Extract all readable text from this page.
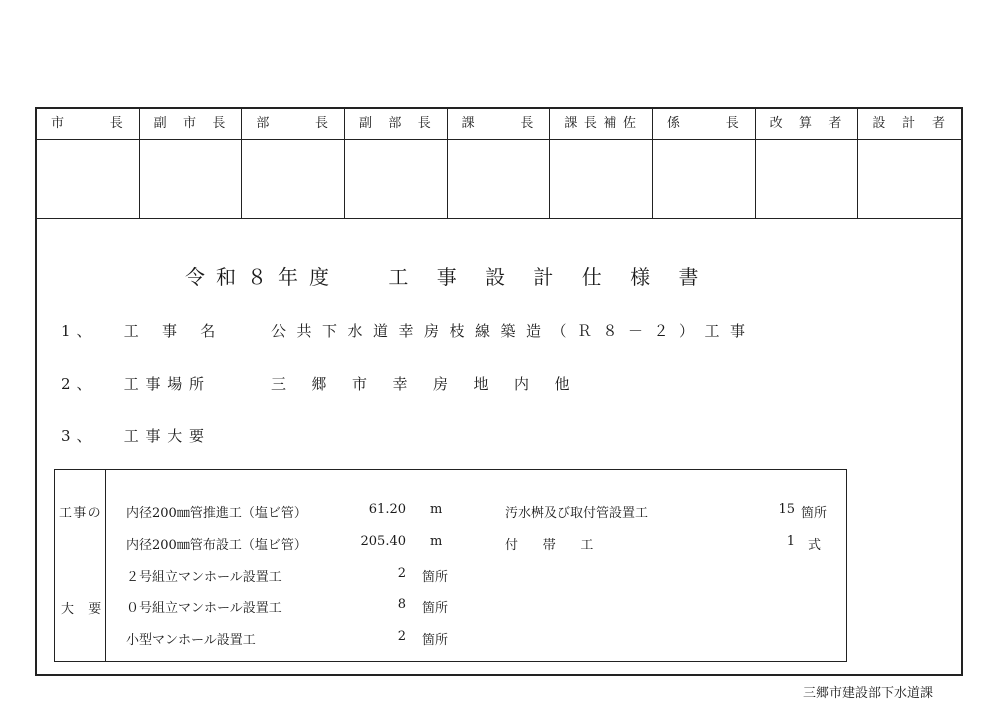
市	長 副 市 長 部	長 副 部 長 課	長 課 長 補 佐 係	長 改 算 者 設 計 者
令和８年度　 工 事 設 計 仕 様 書
1、 工事名 公共下水道幸房枝線築造（Ｒ８－２）工事
2、 工事場所	三郷市幸房地内他
3、 工事大要
工事の
大要
内径200㎜管推進工（塩ビ管）	61.20 m
内径200㎜管布設工（塩ビ管）	205.40 m
２号組立マンホール設置工	2 箇所
０号組立マンホール設置工	8 箇所
小型マンホール設置工	2 箇所
汚水桝及び取付管設置工	15 箇所
付帯工	1 式
三郷市建設部下水道課
